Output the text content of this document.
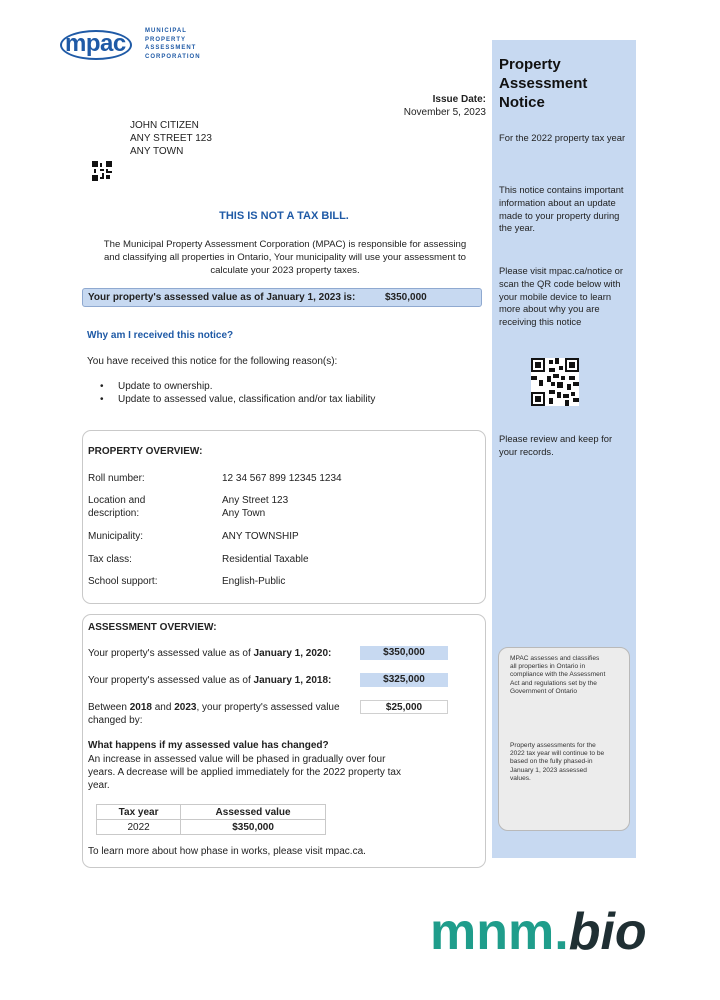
mpac	MUNICIPAL
PROPERTY
ASSESSMENT
CORPORATION	Property Assessment Notice
For the 2022 property tax year
This notice contains important information about an update made to your property during the year.
Please visit mpac.ca/notice or scan the QR code below with your mobile device to learn more about why you are receiving this notice
Please review and keep for your records.
MPAC assesses and classifies all properties in Ontario in compliance with the Assessment Act and regulations set by the Government of Ontario
Property assessments for the 2022 tax year will continue to be based on the fully phased-in January 1, 2023 assessed values.
Issue Date:
November 5, 2023
JOHN CITIZEN
ANY STREET 123
ANY TOWN
THIS IS NOT A TAX BILL.
The Municipal Property Assessment Corporation (MPAC) is responsible for assessing and classifying all properties in Ontario, Your municipality will use your assessment to calculate your 2023 property taxes.
Your property's assessed value as of January 1, 2023 is:	$350,000
Why am I received this notice?
You have received this notice for the following reason(s):
• Update to ownership.
• Update to assessed value, classification and/or tax liability
PROPERTY OVERVIEW:
Roll number:	12 34 567 899 12345 1234
Location and description:
Any Street 123 Any Town
Municipality:	ANY TOWNSHIP
Tax class:	Residential Taxable
School support:	English-Public
ASSESSMENT OVERVIEW:
Your property's assessed value as of January 1, 2020:	$350,000
Your property's assessed value as of January 1, 2018:	$325,000
Between 2018 and 2023, your property's assessed value changed by:
$25,000
What happens if my assessed value has changed?
An increase in assessed value will be phased in gradually over four years. A decrease will be applied immediately for the 2022 property tax year.
Tax year	Assessed value
2022	$350,000
To learn more about how phase in works, please visit mpac.ca.
mnm.bio
